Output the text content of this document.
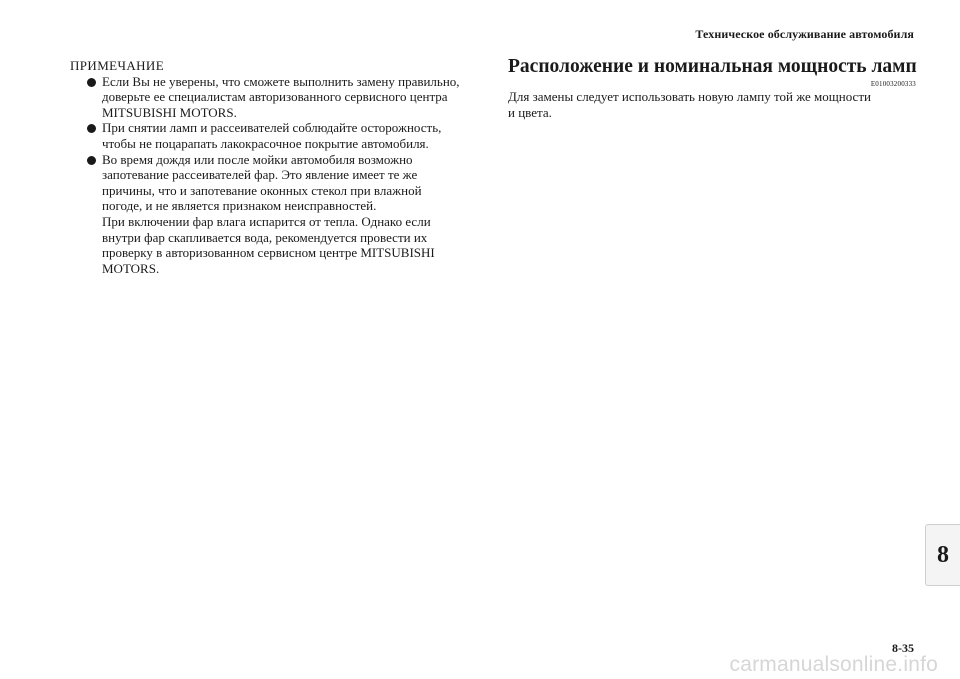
Техническое обслуживание автомобиля
ПРИМЕЧАНИЕ
Если Вы не уверены, что сможете выполнить замену правильно,
доверьте ее специалистам авторизованного сервисного центра
MITSUBISHI MOTORS.
При снятии ламп и рассеивателей соблюдайте осторожность,
чтобы не поцарапать лакокрасочное покрытие автомобиля.
Во время дождя или после мойки автомобиля возможно
запотевание рассеивателей фар. Это явление имеет те же
причины, что и запотевание оконных стекол при влажной
погоде, и не является признаком неисправностей.
При включении фар влага испарится от тепла. Однако если
внутри фар скапливается вода, рекомендуется провести их
проверку в авторизованном сервисном центре MITSUBISHI
MOTORS.
Расположение и номинальная мощность ламп
E01003200333
Для замены следует использовать новую лампу той же мощности
и цвета.
8
8-35
carmanualsonline.info
